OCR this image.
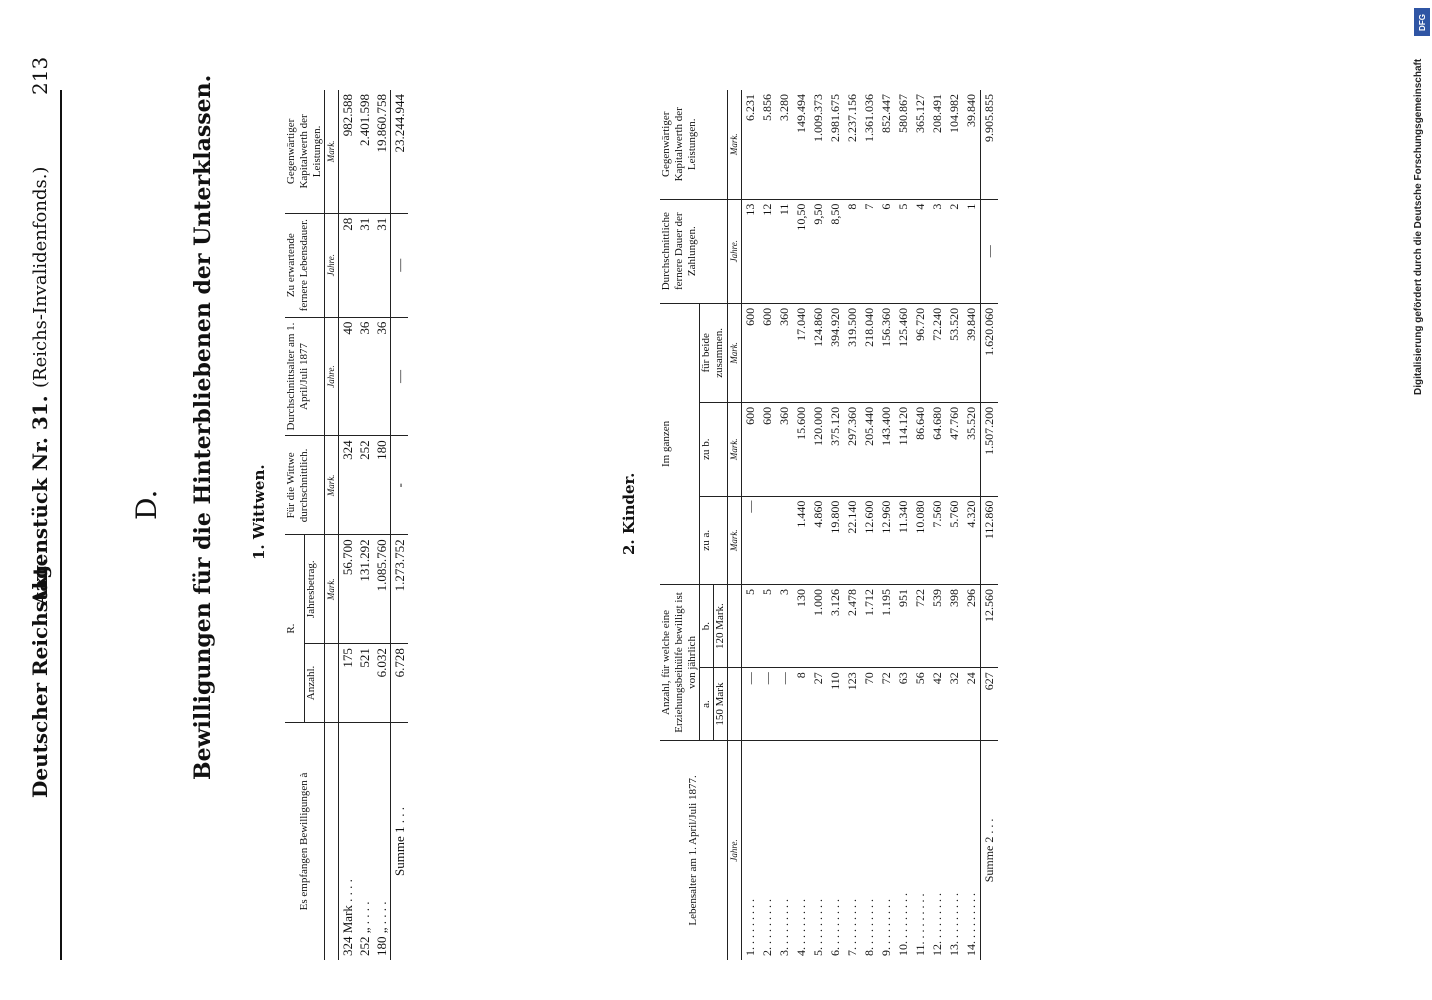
Deutscher Reichstag.
Aktenstück Nr. 31.
(Reichs-Invalidenfonds.)
213
D. Bewilligungen für die Hinterbliebenen der Unterklassen. 1. Wittwen.
Es empfangen Bewilligungen à	R.		Für die Wittwe durchschnittlich.	Durchschnittsalter am 1. April/Juli 1877	Zu erwartende fernere Lebensdauer.	Gegenwärtiger Kapitalwerth der Leistungen.
	Anzahl.	Jahresbetrag.				
		Mark.	Mark.	Jahre.	Jahre.	Mark.
324 Mark . . . .	175	56.700	324	40	28	982.588
252 „ . . . .	521	131.292	252	36	31	2.401.598
180 „ . . . .	6.032	1.085.760	180	36	31	19.860.758
Summe 1 . . .	6.728	1.273.752	-	—	—	23.244.944
2. Kinder.
Lebensalter am 1. April/Juli 1877.	Anzahl, für welche eine Erziehungsbeihülfe bewilligt ist von jährlich		Im ganzen			Durchschnittliche fernere Dauer der Zahlungen.	Gegenwärtiger Kapitalwerth der Leistungen.
	a.	b.	zu a.	zu b.	für beide zusammen.		
	150 Mark	120 Mark.					
Jahre.			Mark.	Mark.	Mark.	Jahre.	Mark.
1. . . . . . . . .	—	5	—	600	600	13	6.231
2. . . . . . . . .	—	5		600	600	12	5.856
3. . . . . . . . .	—	3		360	360	11	3.280
4. . . . . . . . .	8	130	1.440	15.600	17.040	10,50	149.494
5. . . . . . . . .	27	1.000	4.860	120.000	124.860	9,50	1.009.373
6. . . . . . . . .	110	3.126	19.800	375.120	394.920	8,50	2.981.675
7. . . . . . . . .	123	2.478	22.140	297.360	319.500	8	2.237.156
8. . . . . . . . .	70	1.712	12.600	205.440	218.040	7	1.361.036
9. . . . . . . . .	72	1.195	12.960	143.400	156.360	6	852.447
10. . . . . . . . .	63	951	11.340	114.120	125.460	5	580.867
11. . . . . . . . .	56	722	10.080	86.640	96.720	4	365.127
12. . . . . . . . .	42	539	7.560	64.680	72.240	3	208.491
13. . . . . . . . .	32	398	5.760	47.760	53.520	2	104.982
14. . . . . . . . .	24	296	4.320	35.520	39.840	1	39.840
Summe 2 . . .	627	12.560	112.860	1.507.200	1.620.060	—	9.905.855
DFG
Digitalisierung gefördert durch die Deutsche Forschungsgemeinschaft
